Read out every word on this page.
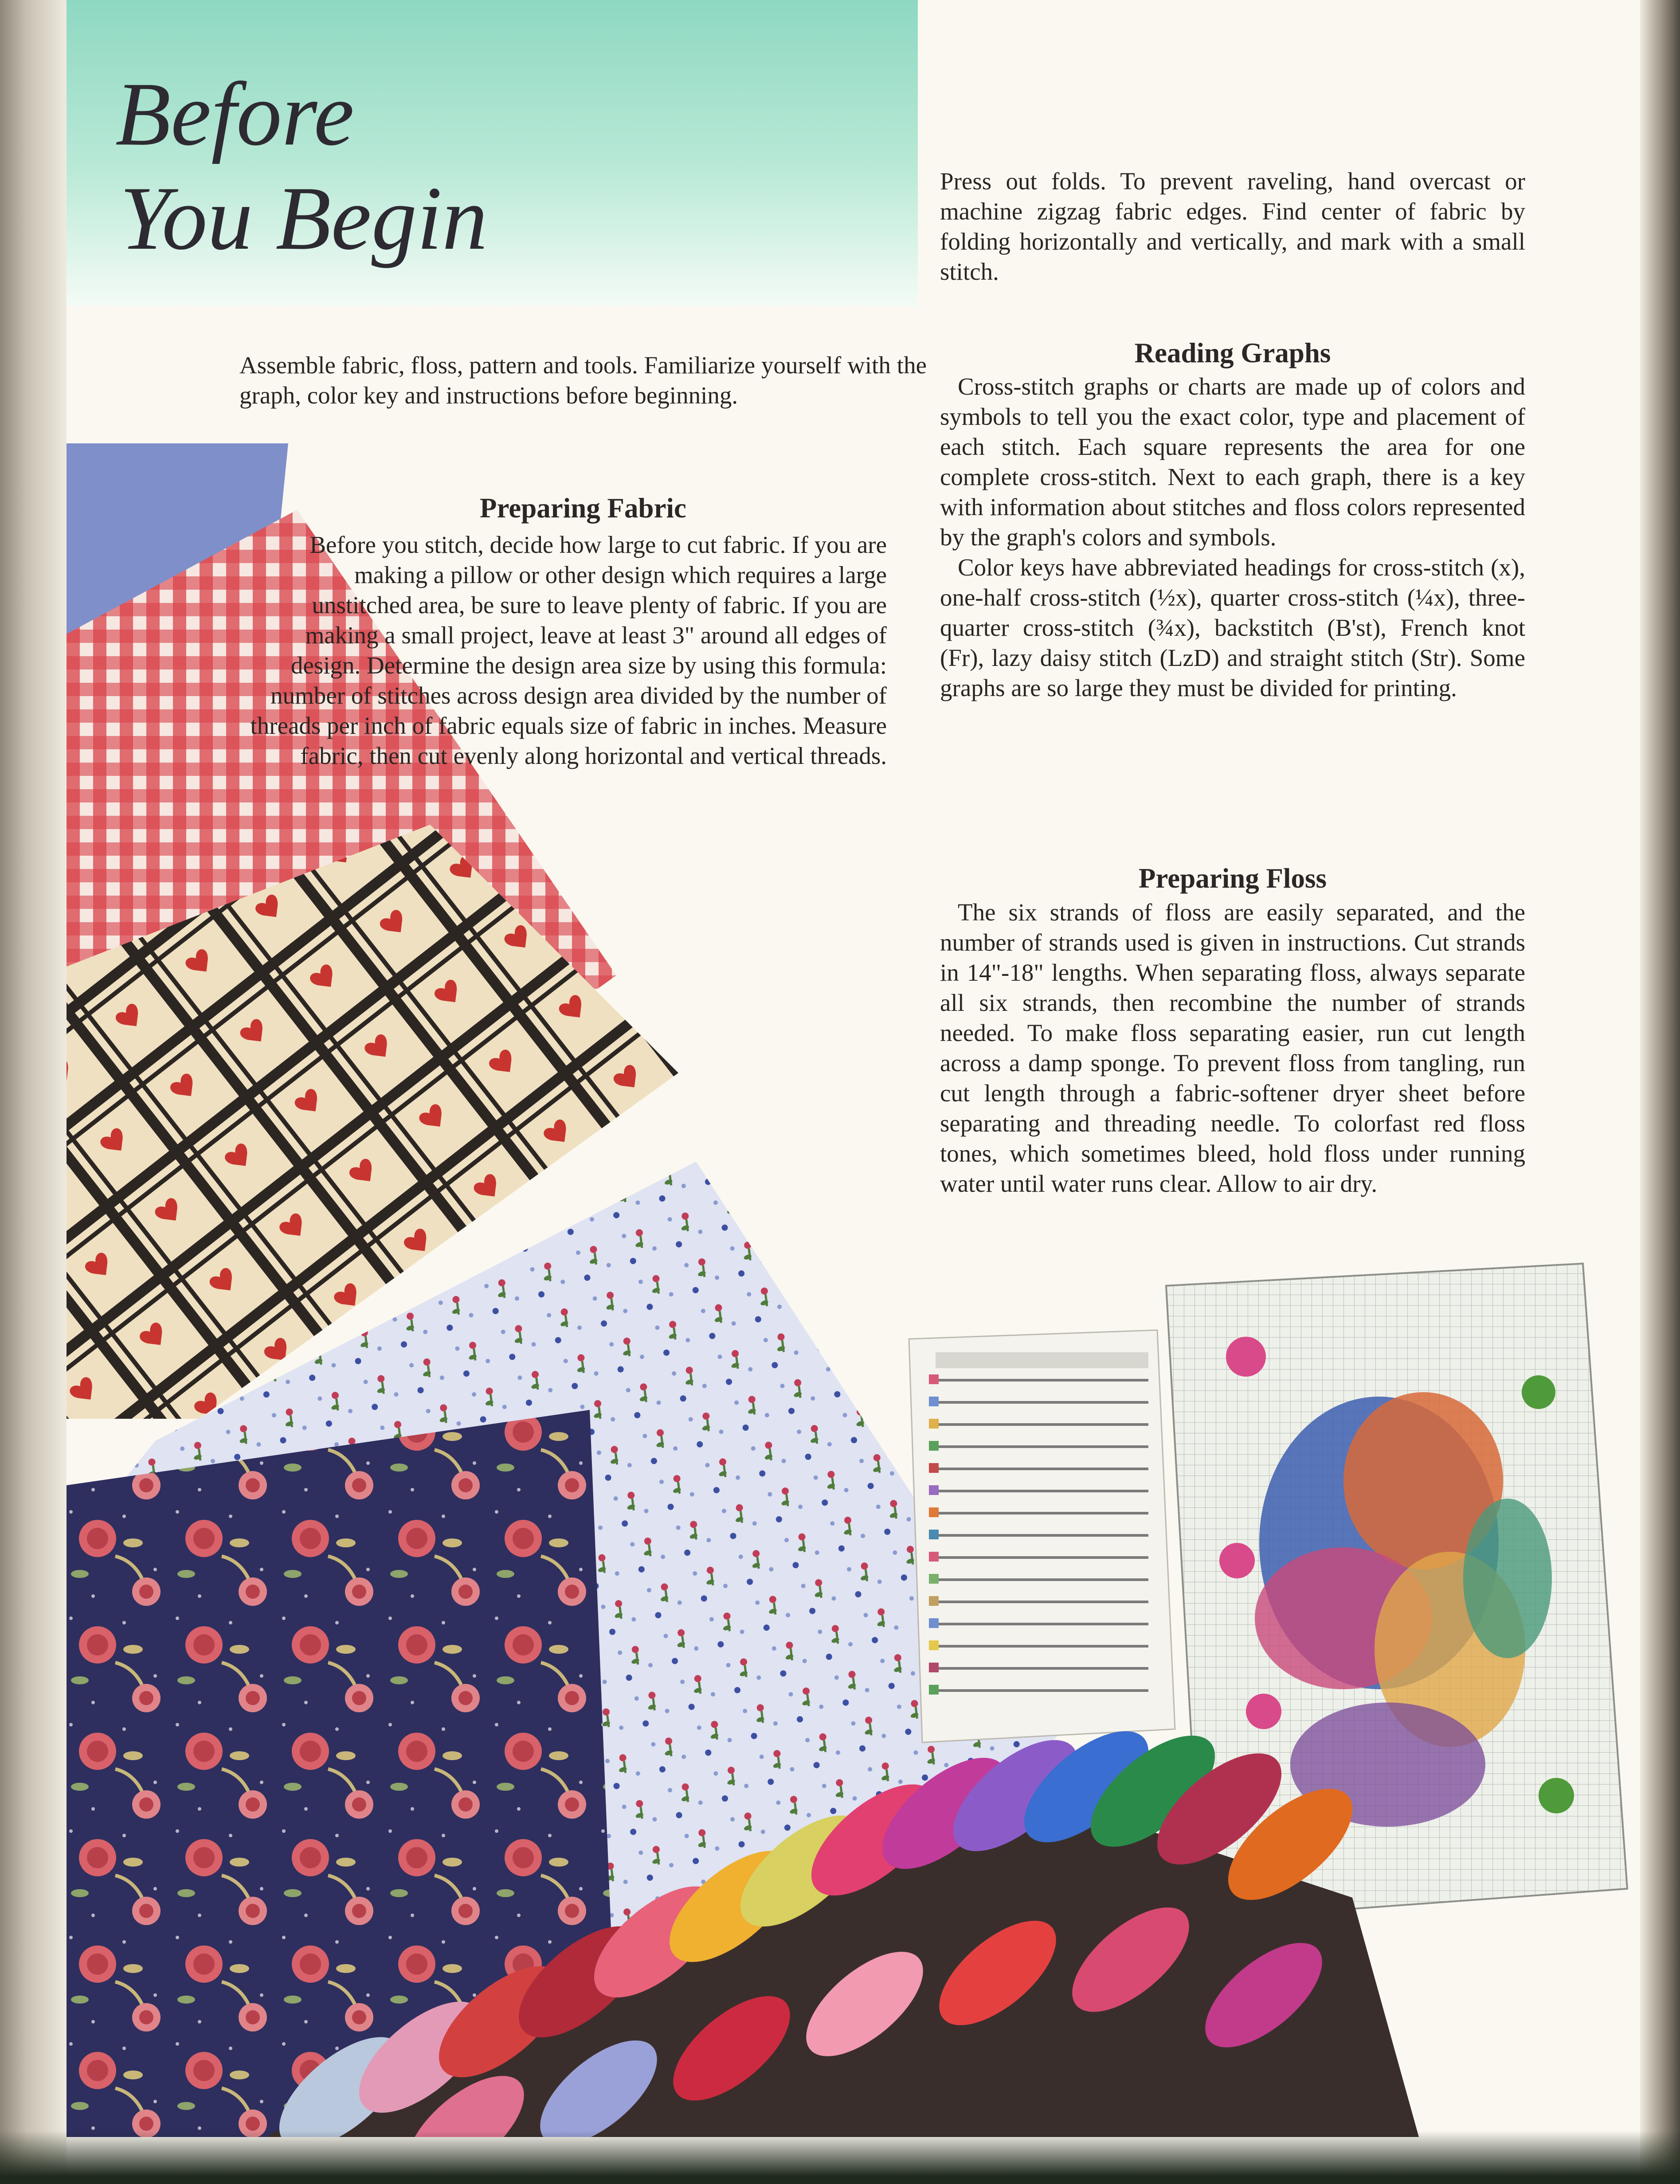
Before
You Begin

Assemble fabric, floss, pattern and tools. Familiarize yourself with the graph, color key and instructions before beginning.

Preparing Fabric

Before you stitch, decide how large to cut fabric. If you are making a pillow or other design which requires a large unstitched area, be sure to leave plenty of fabric. If you are making a small project, leave at least 3" around all edges of design. Determine the design area size by using this formula: number of stitches across design area divided by the number of threads per inch of fabric equals size of fabric in inches. Measure fabric, then cut evenly along horizontal and vertical threads.

Press out folds. To prevent raveling, hand overcast or machine zigzag fabric edges. Find center of fabric by folding horizontally and vertically, and mark with a small stitch.

Reading Graphs

Cross-stitch graphs or charts are made up of colors and symbols to tell you the exact color, type and placement of each stitch. Each square represents the area for one complete cross-stitch. Next to each graph, there is a key with information about stitches and floss colors represented by the graph's colors and symbols.

Color keys have abbreviated headings for cross-stitch (x), one-half cross-stitch (½x), quarter cross-stitch (¼x), three-quarter cross-stitch (¾x), backstitch (B'st), French knot (Fr), lazy daisy stitch (LzD) and straight stitch (Str). Some graphs are so large they must be divided for printing.

Preparing Floss

The six strands of floss are easily separated, and the number of strands used is given in instructions. Cut strands in 14"-18" lengths. When separating floss, always separate all six strands, then recombine the number of strands needed. To make floss separating easier, run cut length across a damp sponge. To prevent floss from tangling, run cut length through a fabric-softener dryer sheet before separating and threading needle. To colorfast red floss tones, which sometimes bleed, hold floss under running water until water runs clear. Allow to air dry.
